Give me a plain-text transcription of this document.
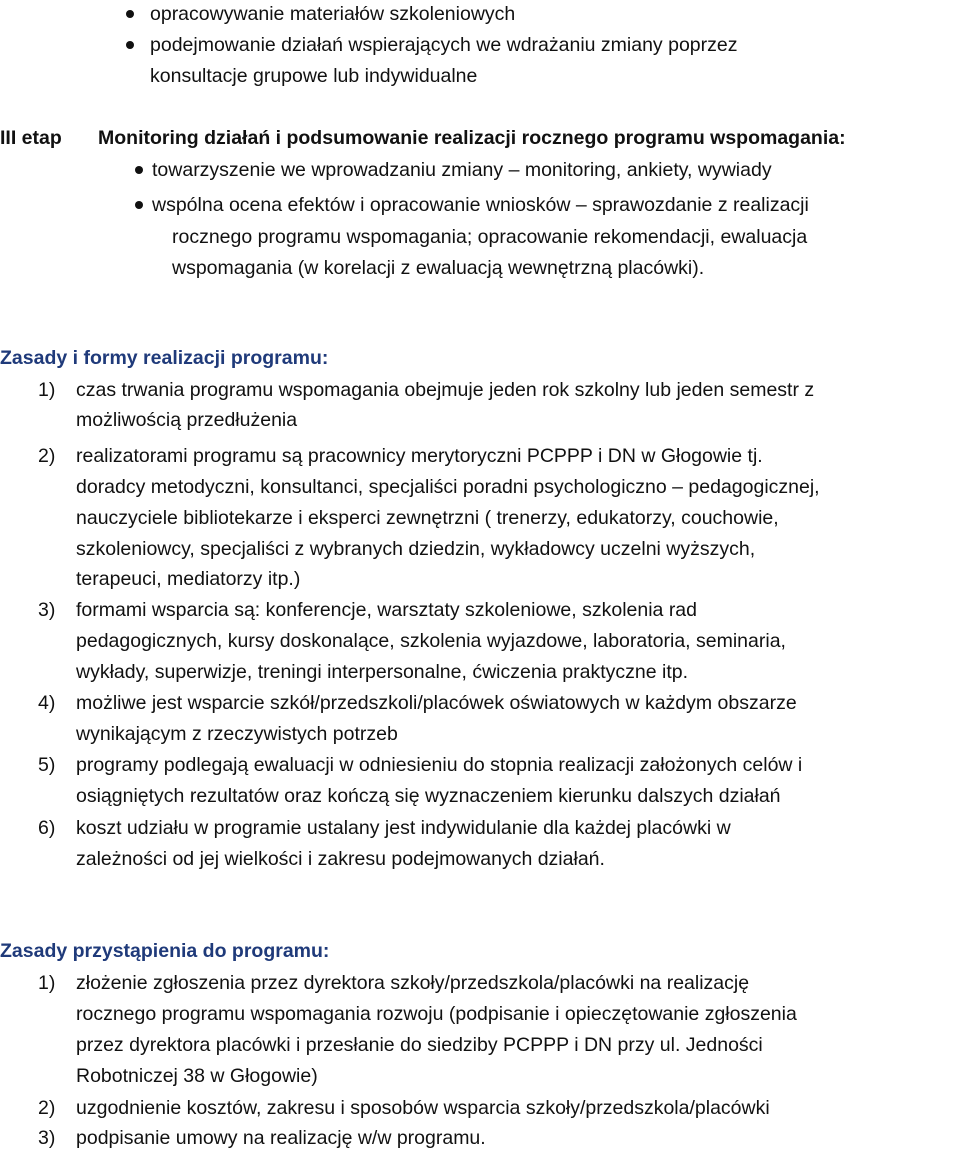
opracowywanie materiałów szkoleniowych
podejmowanie działań wspierających we wdrażaniu zmiany poprzez
konsultacje grupowe lub indywidualne
III etap Monitoring działań i podsumowanie realizacji rocznego programu wspomagania:
towarzyszenie we wprowadzaniu zmiany – monitoring, ankiety, wywiady
wspólna ocena efektów i opracowanie wniosków – sprawozdanie z realizacji
rocznego programu wspomagania; opracowanie rekomendacji, ewaluacja
wspomagania (w korelacji z ewaluacją wewnętrzną placówki).
Zasady i formy realizacji programu:
1) czas trwania programu wspomagania obejmuje jeden rok szkolny lub jeden semestr z
możliwością przedłużenia
2) realizatorami programu są pracownicy merytoryczni PCPPP i DN w Głogowie tj.
doradcy metodyczni, konsultanci, specjaliści poradni psychologiczno – pedagogicznej,
nauczyciele bibliotekarze i eksperci zewnętrzni ( trenerzy, edukatorzy, couchowie,
szkoleniowcy, specjaliści z wybranych dziedzin, wykładowcy uczelni wyższych,
terapeuci, mediatorzy itp.)
3) formami wsparcia są: konferencje, warsztaty szkoleniowe, szkolenia rad
pedagogicznych, kursy doskonalące, szkolenia wyjazdowe, laboratoria, seminaria,
wykłady, superwizje, treningi interpersonalne, ćwiczenia praktyczne itp.
4) możliwe jest wsparcie szkół/przedszkoli/placówek oświatowych w każdym obszarze
wynikającym z rzeczywistych potrzeb
5) programy podlegają ewaluacji w odniesieniu do stopnia realizacji założonych celów i
osiągniętych rezultatów oraz kończą się wyznaczeniem kierunku dalszych działań
6) koszt udziału w programie ustalany jest indywidulanie dla każdej placówki w
zależności od jej wielkości i zakresu podejmowanych działań.
Zasady przystąpienia do programu:
1) złożenie zgłoszenia przez dyrektora szkoły/przedszkola/placówki na realizację
rocznego programu wspomagania rozwoju (podpisanie i opieczętowanie zgłoszenia
przez dyrektora placówki i przesłanie do siedziby PCPPP i DN przy ul. Jedności
Robotniczej 38 w Głogowie)
2) uzgodnienie kosztów, zakresu i sposobów wsparcia szkoły/przedszkola/placówki
3) podpisanie umowy na realizację w/w programu.
